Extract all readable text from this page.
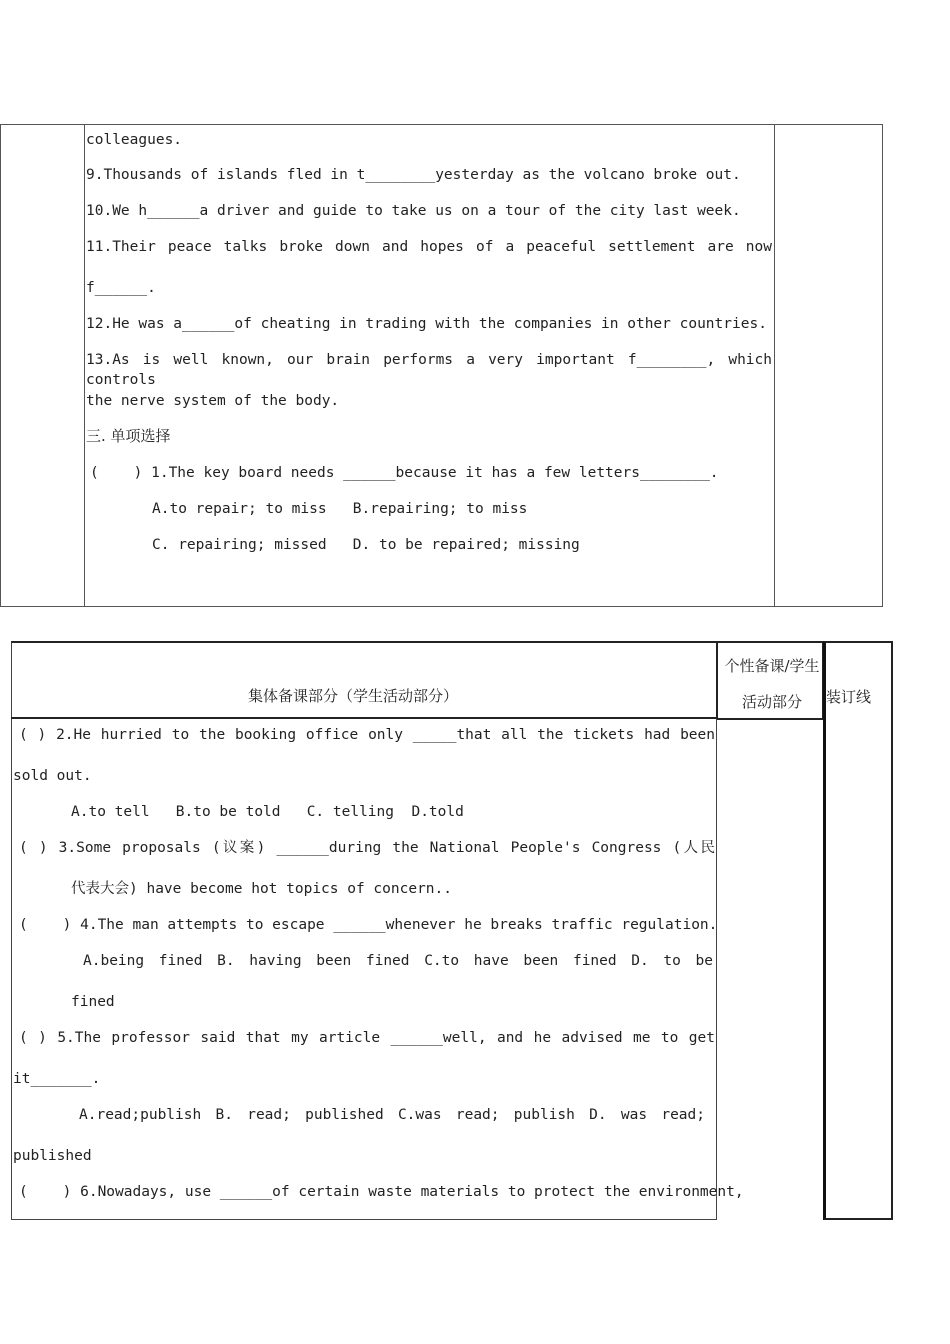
colleagues.
9.Thousands of islands fled in t________yesterday as the volcano broke out.
10.We h______a driver and guide to take us on a tour of the city last week.
11.Their peace talks broke down and hopes of a peaceful settlement are now
f______.
12.He was a______of cheating in trading with the companies in other countries.
13.As is well known, our brain performs a very important f________, which controls
the nerve system of the body.
三. 单项选择
(    ) 1.The key board needs ______because it has a few letters________.
A.to repair; to miss   B.repairing; to miss
C. repairing; missed   D. to be repaired; missing
集体备课部分（学生活动部分）
个性备课/学生活动部分	装订线
( ) 2.He hurried to the booking office only _____that all the tickets had been
sold out.
A.to tell   B.to be told   C. telling  D.told
( ) 3.Some proposals (议案) ______during the National People's Congress (人民
代表大会) have become hot topics of concern..
(    ) 4.The man attempts to escape ______whenever he breaks traffic regulation.
A.being fined B. having been fined C.to have been fined D. to be
fined
( ) 5.The professor said that my article ______well, and he advised me to get
it_______.
A.read;publish B. read; published C.was read; publish D. was read;
published
(    ) 6.Nowadays, use ______of certain waste materials to protect the environment,
